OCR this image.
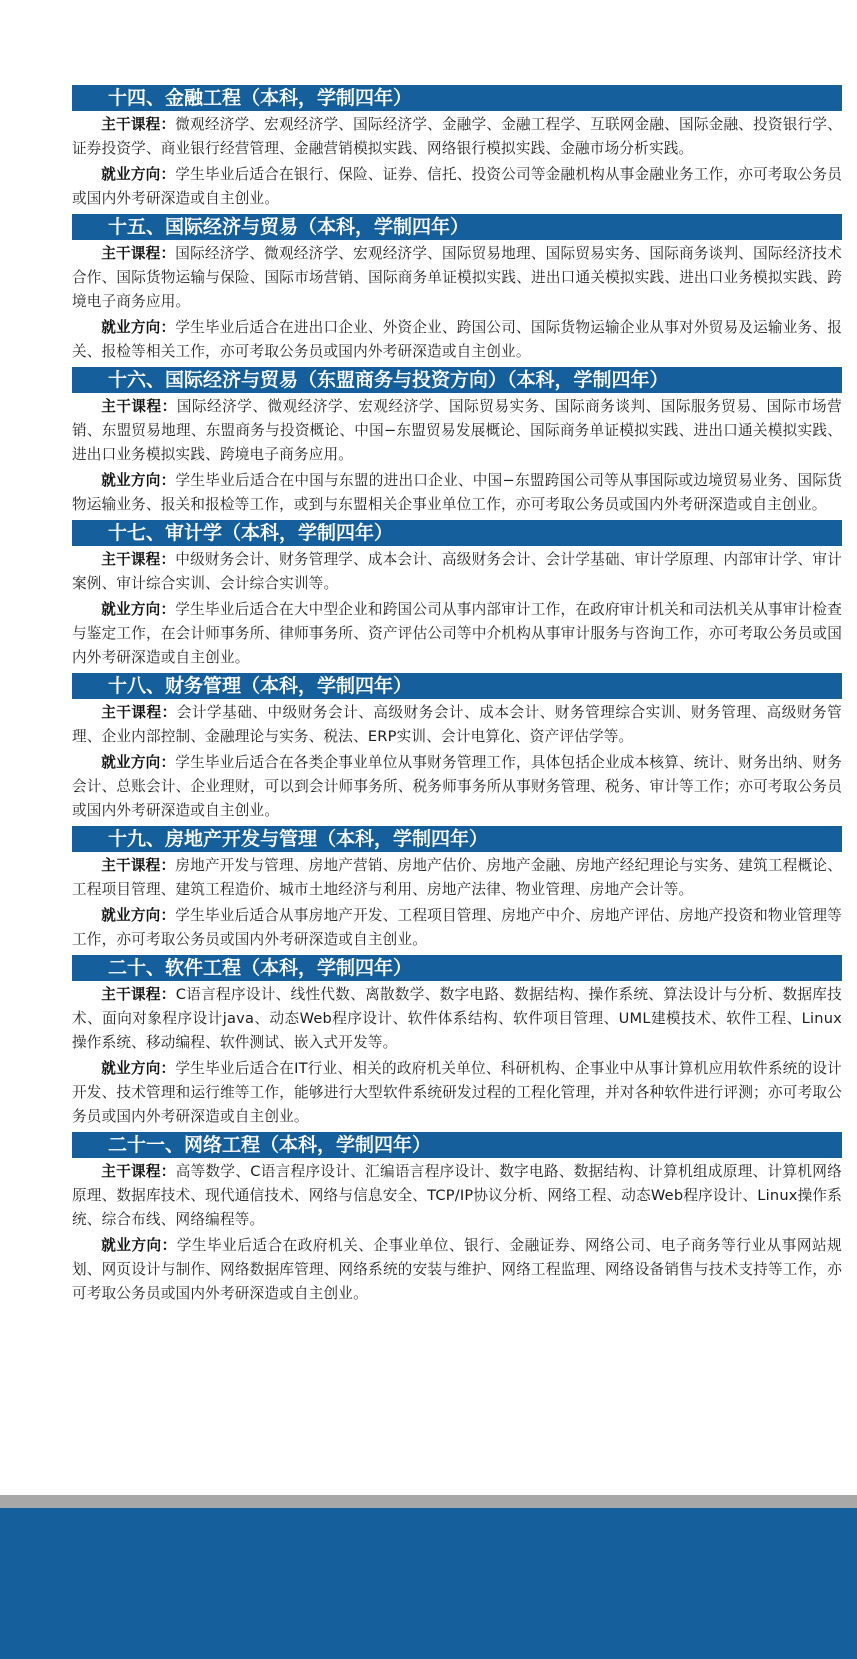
十四、金融工程（本科，学制四年）

主干课程：微观经济学、宏观经济学、国际经济学、金融学、金融工程学、互联网金融、国际金融、投资银行学、证券投资学、商业银行经营管理、金融营销模拟实践、网络银行模拟实践、金融市场分析实践。

就业方向：学生毕业后适合在银行、保险、证券、信托、投资公司等金融机构从事金融业务工作，亦可考取公务员或国内外考研深造或自主创业。

十五、国际经济与贸易（本科，学制四年）

主干课程：国际经济学、微观经济学、宏观经济学、国际贸易地理、国际贸易实务、国际商务谈判、国际经济技术合作、国际货物运输与保险、国际市场营销、国际商务单证模拟实践、进出口通关模拟实践、进出口业务模拟实践、跨境电子商务应用。

就业方向：学生毕业后适合在进出口企业、外资企业、跨国公司、国际货物运输企业从事对外贸易及运输业务、报关、报检等相关工作，亦可考取公务员或国内外考研深造或自主创业。

十六、国际经济与贸易（东盟商务与投资方向）（本科，学制四年）

主干课程：国际经济学、微观经济学、宏观经济学、国际贸易实务、国际商务谈判、国际服务贸易、国际市场营销、东盟贸易地理、东盟商务与投资概论、中国−东盟贸易发展概论、国际商务单证模拟实践、进出口通关模拟实践、进出口业务模拟实践、跨境电子商务应用。

就业方向：学生毕业后适合在中国与东盟的进出口企业、中国−东盟跨国公司等从事国际或边境贸易业务、国际货物运输业务、报关和报检等工作，或到与东盟相关企事业单位工作，亦可考取公务员或国内外考研深造或自主创业。

十七、审计学（本科，学制四年）

主干课程：中级财务会计、财务管理学、成本会计、高级财务会计、会计学基础、审计学原理、内部审计学、审计案例、审计综合实训、会计综合实训等。

就业方向：学生毕业后适合在大中型企业和跨国公司从事内部审计工作，在政府审计机关和司法机关从事审计检查与鉴定工作，在会计师事务所、律师事务所、资产评估公司等中介机构从事审计服务与咨询工作，亦可考取公务员或国内外考研深造或自主创业。

十八、财务管理（本科，学制四年）

主干课程：会计学基础、中级财务会计、高级财务会计、成本会计、财务管理综合实训、财务管理、高级财务管理、企业内部控制、金融理论与实务、税法、ERP实训、会计电算化、资产评估学等。

就业方向：学生毕业后适合在各类企事业单位从事财务管理工作，具体包括企业成本核算、统计、财务出纳、财务会计、总账会计、企业理财，可以到会计师事务所、税务师事务所从事财务管理、税务、审计等工作；亦可考取公务员或国内外考研深造或自主创业。

十九、房地产开发与管理（本科，学制四年）

主干课程：房地产开发与管理、房地产营销、房地产估价、房地产金融、房地产经纪理论与实务、建筑工程概论、工程项目管理、建筑工程造价、城市土地经济与利用、房地产法律、物业管理、房地产会计等。

就业方向：学生毕业后适合从事房地产开发、工程项目管理、房地产中介、房地产评估、房地产投资和物业管理等工作，亦可考取公务员或国内外考研深造或自主创业。

二十、软件工程（本科，学制四年）

主干课程：C语言程序设计、线性代数、离散数学、数字电路、数据结构、操作系统、算法设计与分析、数据库技术、面向对象程序设计java、动态Web程序设计、软件体系结构、软件项目管理、UML建模技术、软件工程、Linux操作系统、移动编程、软件测试、嵌入式开发等。

就业方向：学生毕业后适合在IT行业、相关的政府机关单位、科研机构、企事业中从事计算机应用软件系统的设计开发、技术管理和运行维等工作，能够进行大型软件系统研发过程的工程化管理，并对各种软件进行评测；亦可考取公务员或国内外考研深造或自主创业。

二十一、网络工程（本科，学制四年）

主干课程：高等数学、C语言程序设计、汇编语言程序设计、数字电路、数据结构、计算机组成原理、计算机网络原理、数据库技术、现代通信技术、网络与信息安全、TCP/IP协议分析、网络工程、动态Web程序设计、Linux操作系统、综合布线、网络编程等。

就业方向：学生毕业后适合在政府机关、企事业单位、银行、金融证券、网络公司、电子商务等行业从事网站规划、网页设计与制作、网络数据库管理、网络系统的安装与维护、网络工程监理、网络设备销售与技术支持等工作，亦可考取公务员或国内外考研深造或自主创业。
